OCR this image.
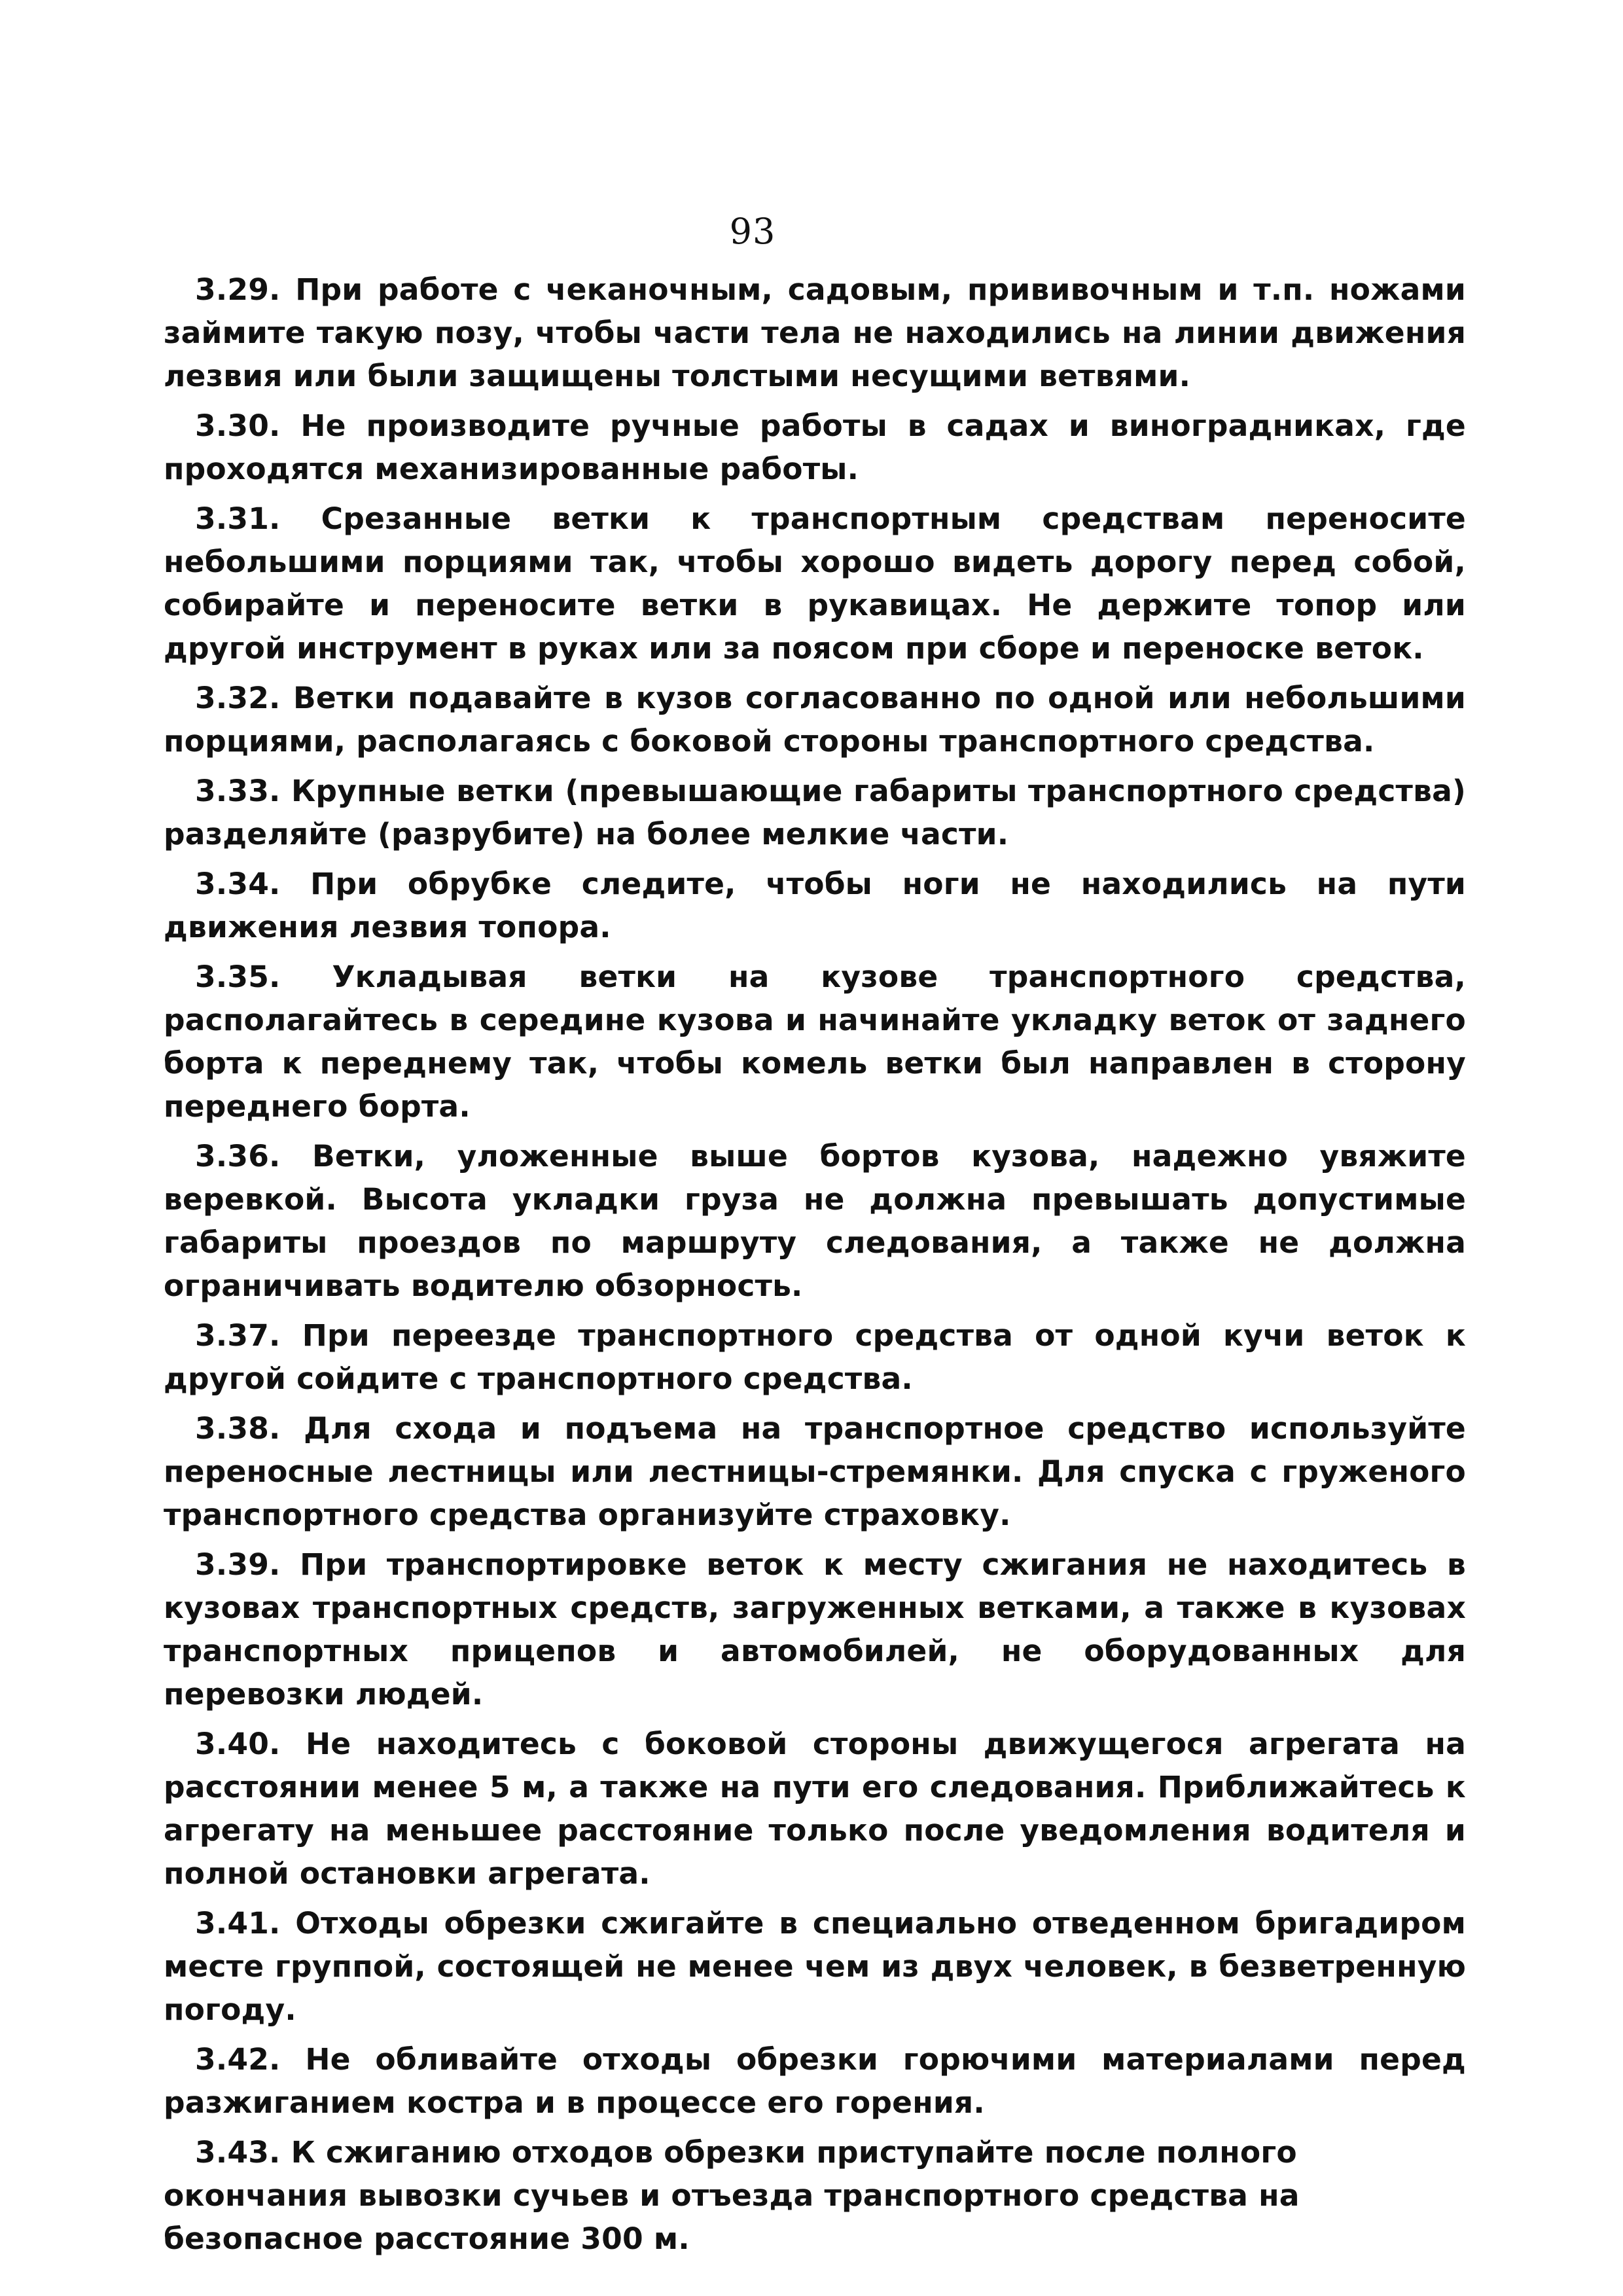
93

3.29. При работе с чеканочным, садовым, прививочным и т.п. ножами займите такую позу, чтобы части тела не находились на линии движения лезвия или были защищены толстыми несущими ветвями.

3.30. Не производите ручные работы в садах и виноградниках, где проходятся механизированные работы.

3.31. Срезанные ветки к транспортным средствам переносите небольшими порциями так, чтобы хорошо видеть дорогу перед собой, собирайте и переносите ветки в рукавицах. Не держите топор или другой инструмент в руках или за поясом при сборе и переноске веток.

3.32. Ветки подавайте в кузов согласованно по одной или небольшими порциями, располагаясь с боковой стороны транспортного средства.

3.33. Крупные ветки (превышающие габариты транспортного средства) разделяйте (разрубите) на более мелкие части.

3.34. При обрубке следите, чтобы ноги не находились на пути движения лезвия топора.

3.35. Укладывая ветки на кузове транспортного средства, располагайтесь в середине кузова и начинайте укладку веток от заднего борта к переднему так, чтобы комель ветки был направлен в сторону переднего борта.

3.36. Ветки, уложенные выше бортов кузова, надежно увяжите веревкой. Высота укладки груза не должна превышать допустимые габариты проездов по маршруту следования, а также не должна ограничивать водителю обзорность.

3.37. При переезде транспортного средства от одной кучи веток к другой сойдите с транспортного средства.

3.38. Для схода и подъема на транспортное средство используйте переносные лестницы или лестницы-стремянки. Для спуска с груженого транспортного средства организуйте страховку.

3.39. При транспортировке веток к месту сжигания не находитесь в кузовах транспортных средств, загруженных ветками, а также в кузовах транспортных прицепов и автомобилей, не оборудованных для перевозки людей.

3.40. Не находитесь с боковой стороны движущегося агрегата на расстоянии менее 5 м, а также на пути его следования. Приближайтесь к агрегату на меньшее расстояние только после уведомления водителя и полной остановки агрегата.

3.41. Отходы обрезки сжигайте в специально отведенном бригадиром месте группой, состоящей не менее чем из двух человек, в безветренную погоду.

3.42. Не обливайте отходы обрезки горючими материалами перед разжиганием костра и в процессе его горения.

3.43. К сжиганию отходов обрезки приступайте после полного окончания вывозки сучьев и отъезда транспортного средства на безопасное расстояние 300 м.
